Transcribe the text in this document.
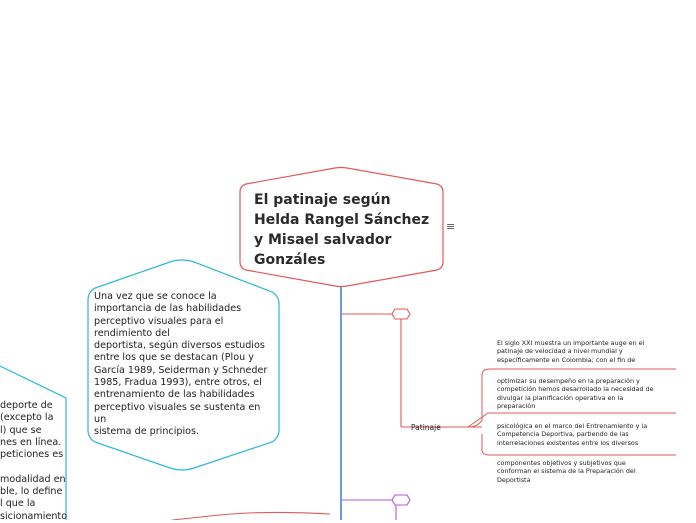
El patinaje según
Helda Rangel Sánchez
y Misael salvador
Gonzáles
≡
Una vez que se conoce la
importancia de las habilidades
perceptivo visuales para el
rendimiento del
deportista, según diversos estudios
entre los que se destacan (Plou y
García 1989, Seiderman y Schneder
1985, Fradua 1993), entre otros, el
entrenamiento de las habilidades
perceptivo visuales se sustenta en
un
sistema de principios.
deporte de
(excepto la
l) que se
nes en línea.
peticiones es

modalidad en
ble, lo define
l que la
sicionamiento
Patinaje
El siglo XXI muestra un importante auge en el
patinaje de velocidad a nivel mundial y
específicamente en Colombia; con el fin de
optimizar su desempeño en la preparación y
competición hemos desarrollado la necesidad de
divulgar la planificación operativa en la
preparación
psicológica en el marco del Entrenamiento y la
Competencia Deportiva, partiendo de las
interrelaciones existentes entre los diversos
componentes objetivos y subjetivos que
conforman el sistema de la Preparación del
Deportista
